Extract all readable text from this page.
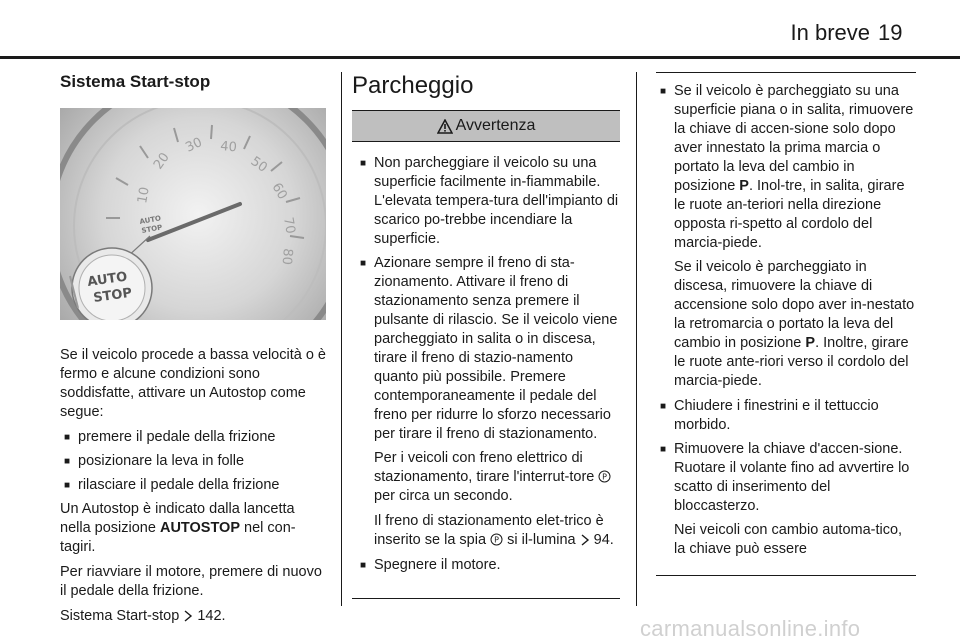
In breve 19
Sistema Start-stop
10
20
30 40
50
60
70
80
AUTO
STOP
AUTO
STOP
Se il veicolo procede a bassa velocità o è fermo e alcune condizioni sono soddisfatte, attivare un Autostop come segue:
■ premere il pedale della frizione
■ posizionare la leva in folle
■ rilasciare il pedale della frizione
Un Autostop è indicato dalla lancetta nella posizione AUTOSTOP nel con-tagiri.
Per riavviare il motore, premere di nuovo il pedale della frizione.
Sistema Start-stop 142.
Parcheggio
Avvertenza
■ Non parcheggiare il veicolo su una superficie facilmente in-fiammabile. L'elevata tempera-tura dell'impianto di scarico po-trebbe incendiare la superficie.
■ Azionare sempre il freno di sta-zionamento. Attivare il freno di stazionamento senza premere il pulsante di rilascio. Se il veicolo viene parcheggiato in salita o in discesa, tirare il freno di stazio-namento quanto più possibile. Premere contemporaneamente il pedale del freno per ridurre lo sforzo necessario per tirare il freno di stazionamento.
Per i veicoli con freno elettrico di stazionamento, tirare l'interrut-tore P
per circa un secondo.
Il freno di stazionamento elet-trico è inserito se la spia P si il-lumina  94.
■ Spegnere il motore.
■ Se il veicolo è parcheggiato su una superficie piana o in salita, rimuovere la chiave di accen-sione solo dopo aver innestato la prima marcia o portato la leva del cambio in posizione P. Inol-tre, in salita, girare le ruote an-teriori nella direzione opposta ri-spetto al cordolo del marcia-piede.
Se il veicolo è parcheggiato in discesa, rimuovere la chiave di accensione solo dopo aver in-nestato la retromarcia o portato la leva del cambio in posizione P. Inoltre, girare le ruote ante-riori verso il cordolo del marcia-piede.
■ Chiudere i finestrini e il tettuccio morbido.
■ Rimuovere la chiave d'accen-sione. Ruotare il volante fino ad avvertire lo scatto di inserimento del bloccasterzo.
Nei veicoli con cambio automa-tico, la chiave può essere
carmanualsonline.info
